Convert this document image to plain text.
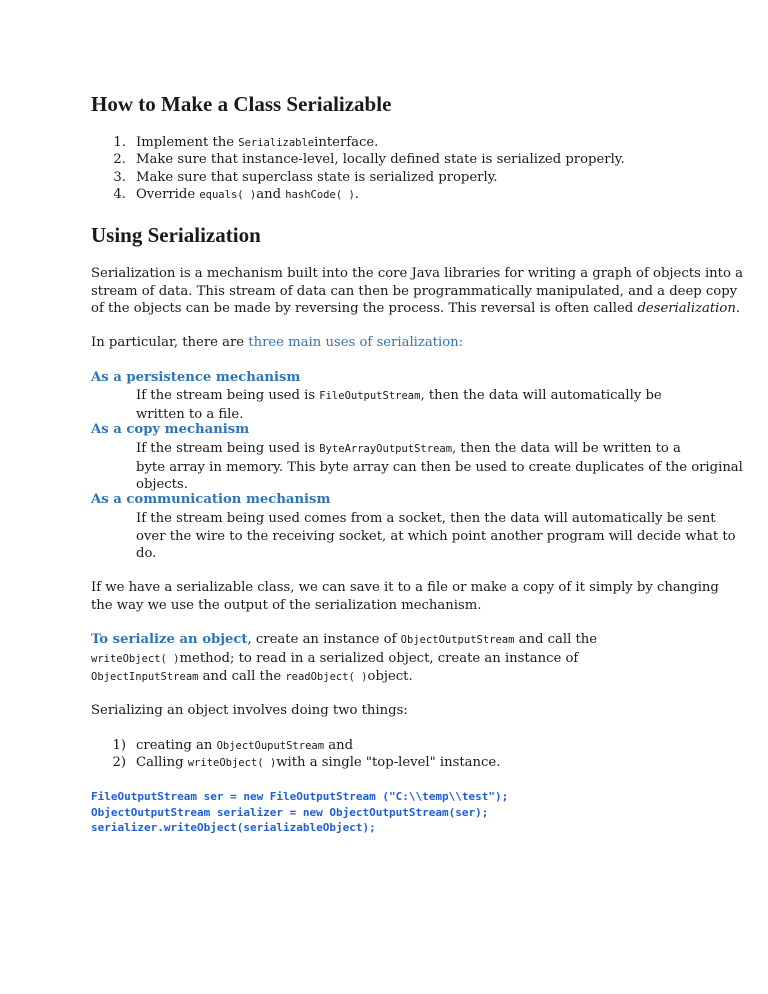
How to Make a Class Serializable
1. Implement the Serializableinterface.
2. Make sure that instance-level, locally defined state is serialized properly.
3. Make sure that superclass state is serialized properly.
4. Override equals( )and hashCode( ).
Using Serialization
Serialization is a mechanism built into the core Java libraries for writing a graph of objects into a
stream of data. This stream of data can then be programmatically manipulated, and a deep copy
of the objects can be made by reversing the process. This reversal is often called deserialization.
In particular, there are three main uses of serialization:
As a persistence mechanism
If the stream being used is FileOutputStream, then the data will automatically be
written to a file.
As a copy mechanism
If the stream being used is ByteArrayOutputStream, then the data will be written to a
byte array in memory. This byte array can then be used to create duplicates of the original
objects.
As a communication mechanism
If the stream being used comes from a socket, then the data will automatically be sent
over the wire to the receiving socket, at which point another program will decide what to
do.
If we have a serializable class, we can save it to a file or make a copy of it simply by changing
the way we use the output of the serialization mechanism.
To serialize an object, create an instance of ObjectOutputStream and call the
writeObject( )method; to read in a serialized object, create an instance of
ObjectInputStream and call the readObject( )object.
Serializing an object involves doing two things:
1) creating an ObjectOuputStream and
2) Calling writeObject( )with a single "top-level" instance.
FileOutputStream ser = new FileOutputStream ("C:\\temp\\test");
ObjectOutputStream serializer = new ObjectOutputStream(ser);
serializer.writeObject(serializableObject);
